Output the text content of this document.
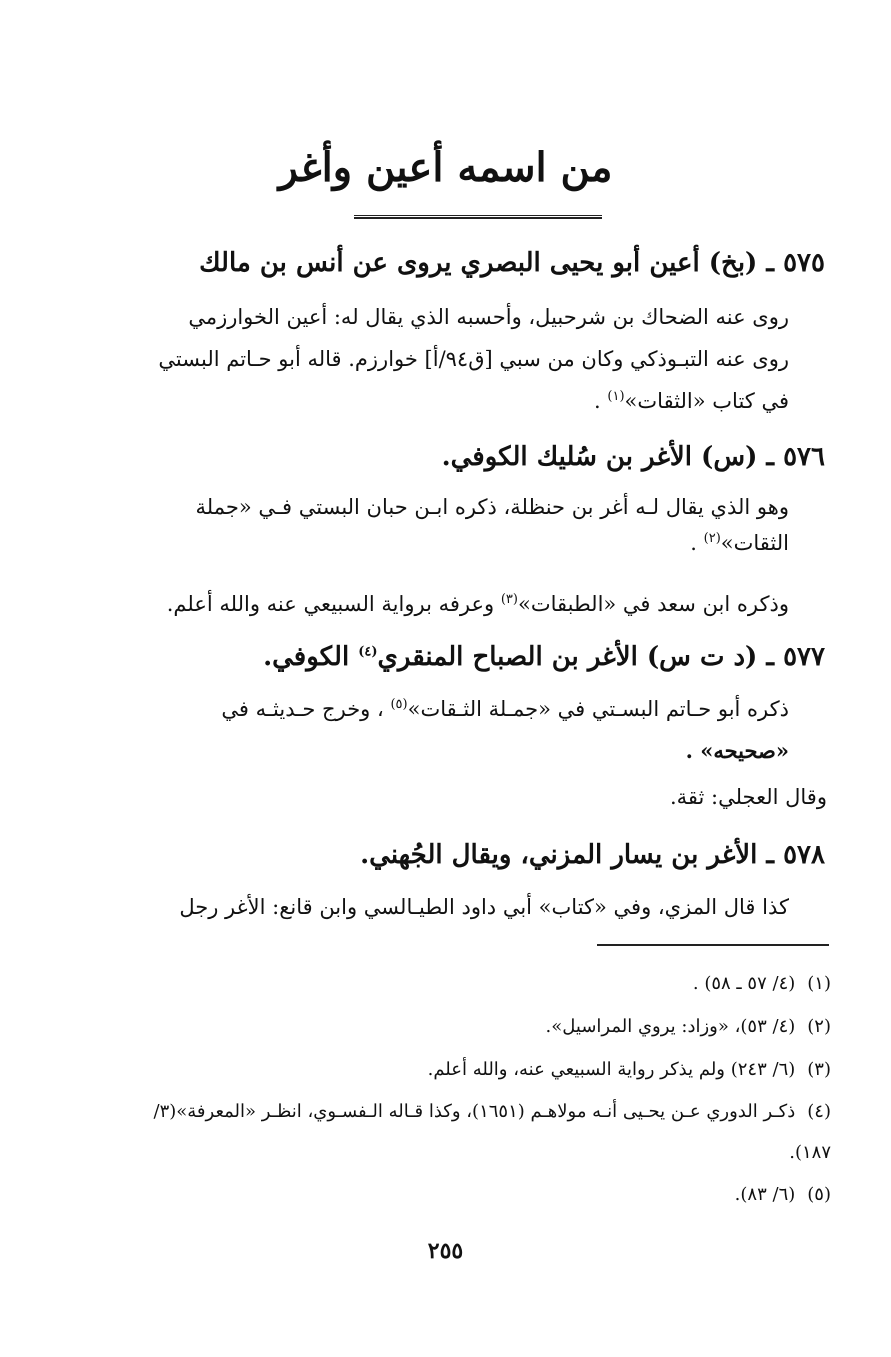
من اسمه أعين وأغر
٥٧٥ ـ (بخ) أعين أبو يحيى البصري يروى عن أنس بن مالك

روى عنه الضحاك بن شرحبيل، وأحسبه الذي يقال له: أعين الخوارزمي
روى عنه التبـوذكي وكان من سبي [ق٩٤/أ] خوارزم. قاله أبو حـاتم البستي
في كتاب «الثقات»$^{(١)}$ .

٥٧٦ ـ (س) الأغر بن سُليك الكوفي.

وهو الذي يقال لـه أغر بن حنظلة، ذكره ابـن حبان البستي فـي «جملة
الثقات»$^{(٢)}$ .

وذكره ابن سعد في «الطبقات»$^{(٣)}$ وعرفه برواية السبيعي عنه والله أعلم.

٥٧٧ ـ (د ت س) الأغر بن الصباح المنقري$^{(٤)}$ الكوفي.

ذكره أبو حـاتم البسـتي في «جمـلة الثـقات»$^{(٥)}$ ، وخرج حـديثـه في
«صحيحه» .

وقال العجلي: ثقة.

٥٧٨ ـ الأغر بن يسار المزني، ويقال الجُهني.

كذا قال المزي، وفي «كتاب» أبي داود الطيـالسي وابن قانع: الأغر رجل

(١)(٤/ ٥٧ ـ ٥٨) .
(٢)(٤/ ٥٣)، «وزاد: يروي المراسيل».
(٣)(٦/ ٢٤٣) ولم يذكر رواية السبيعي عنه، والله أعلم.
(٤)ذكـر الدوري عـن يحـيى أنـه مولاهـم (١٦٥١)، وكذا قـاله الـفسـوي، انظـر «المعرفة»(٣/ ١٨٧).
(٥)(٦/ ٨٣).

٢٥٥
